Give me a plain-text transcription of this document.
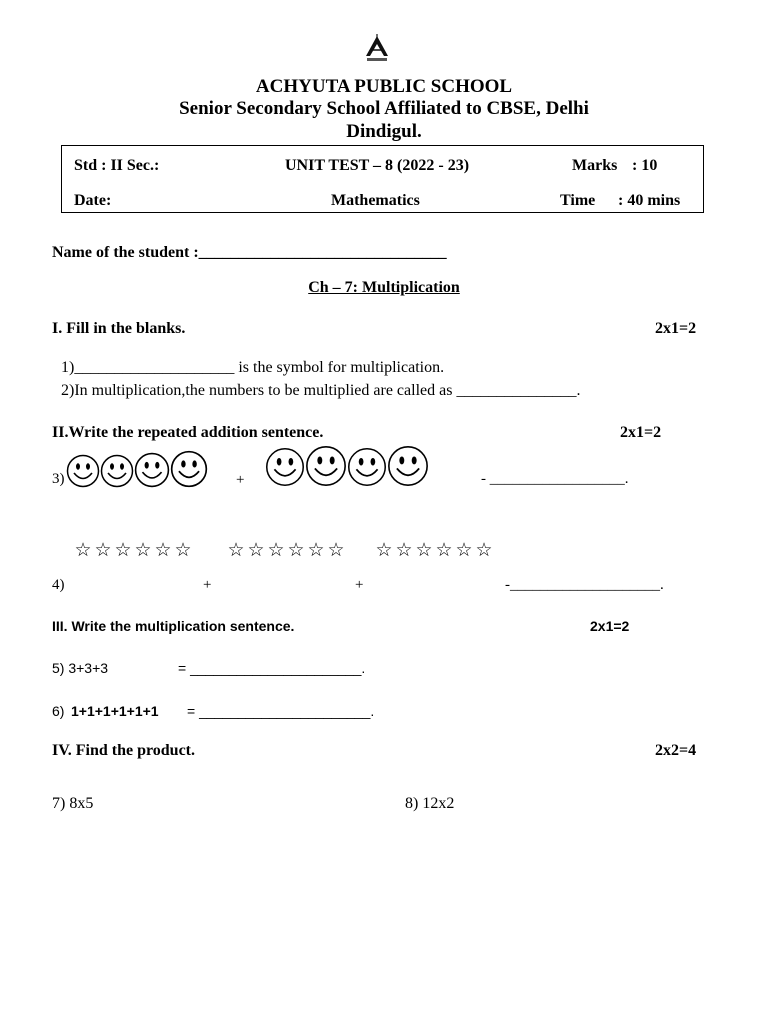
ACHYUTA PUBLIC SCHOOL
Senior Secondary School Affiliated to CBSE, Delhi
Dindigul.
Std : II Sec.:	UNIT TEST – 8 (2022 - 23)	Marks : 10
Date:	Mathematics	Time : 40 mins
Name of the student :_______________________________
Ch – 7: Multiplication
I. Fill in the blanks.	2x1=2
1)____________________ is the symbol for multiplication.
2)In multiplication,the numbers to be multiplied are called as _______________.
II.Write the repeated addition sentence.	2x1=2
3)	+	- __________________.
☆ ☆ ☆ ☆ ☆ ☆ ☆ ☆ ☆ ☆ ☆ ☆ ☆ ☆ ☆ ☆ ☆ ☆
4)	+	+	-____________________.
III. Write the multiplication sentence.	2x1=2
5) 3+3+3	= ______________________.
6) 1+1+1+1+1+1 = ______________________.
IV. Find the product.	2x2=4
7) 8x5	8) 12x2
